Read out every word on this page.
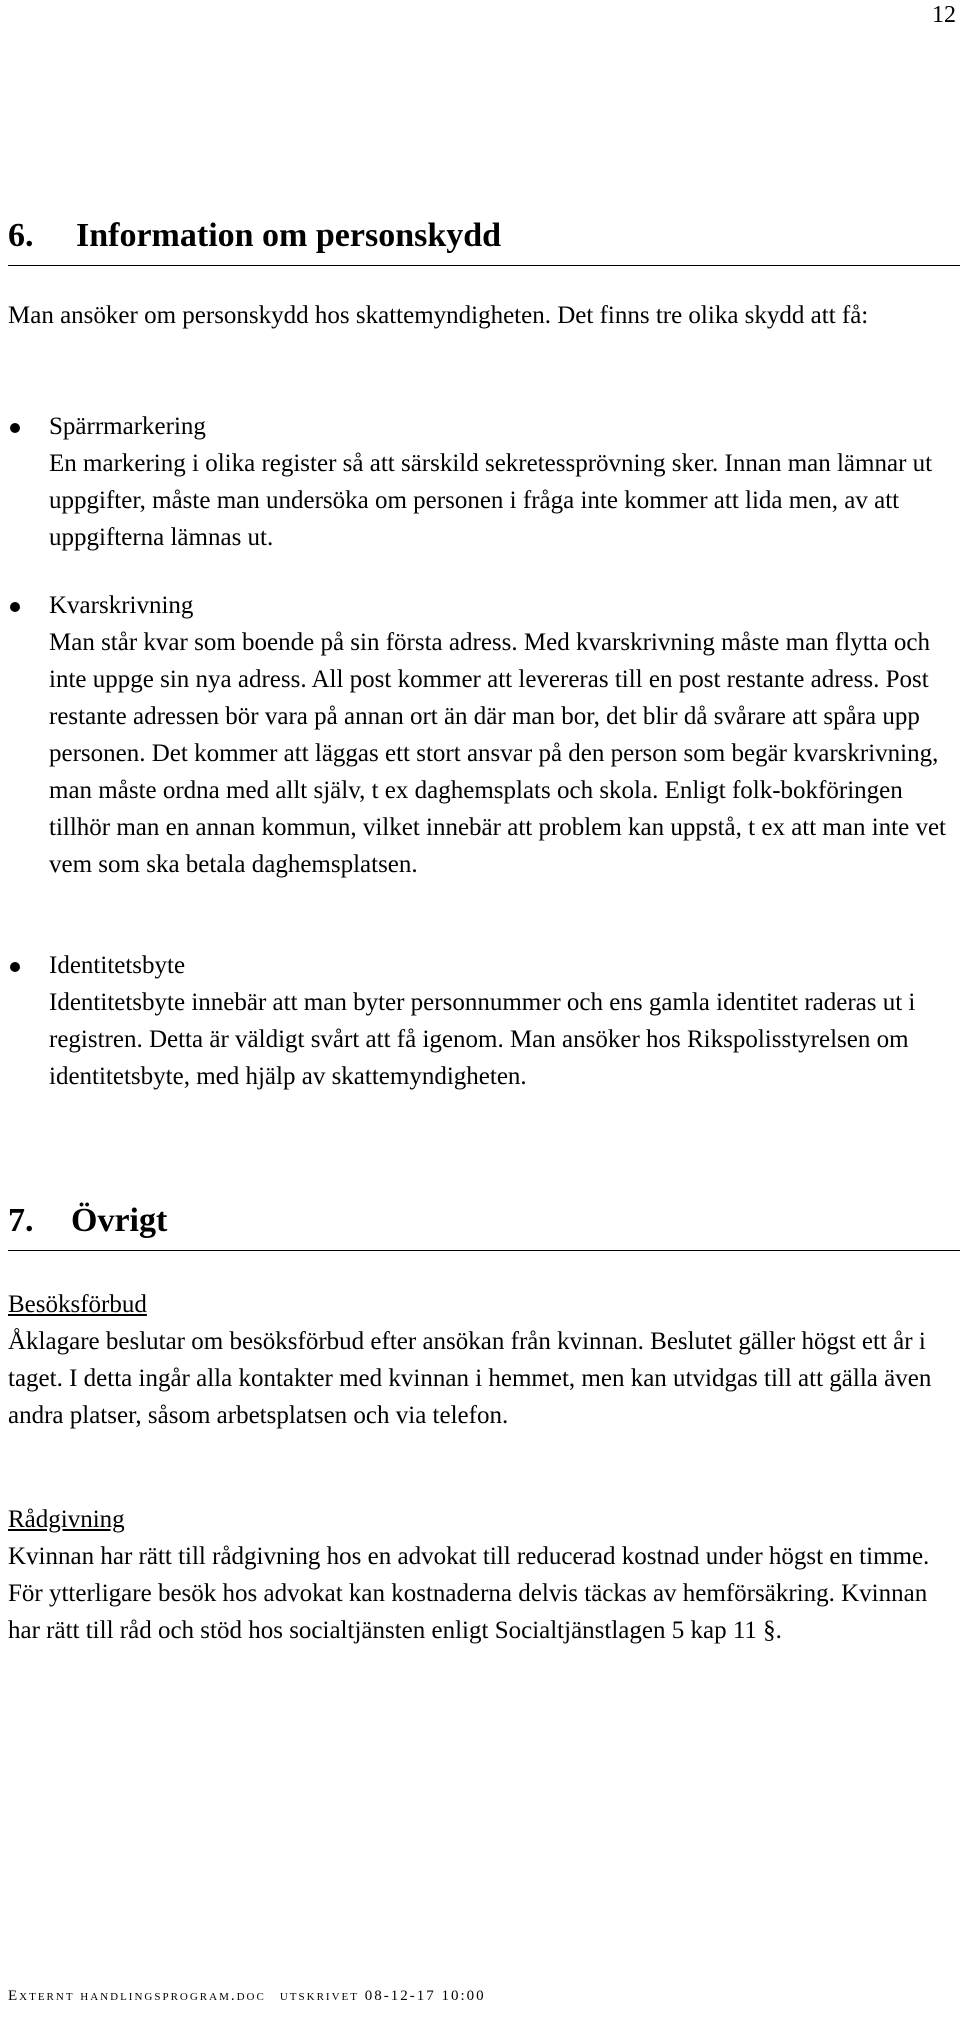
12
6. Information om personskydd

Man ansöker om personskydd hos skattemyndigheten. Det finns tre olika skydd att få:

Spärrmarkering
En markering i olika register så att särskild sekretessprövning sker. Innan man lämnar ut uppgifter, måste man undersöka om personen i fråga inte kommer att lida men, av att uppgifterna lämnas ut.
Kvarskrivning
Man står kvar som boende på sin första adress. Med kvarskrivning måste man flytta och inte uppge sin nya adress. All post kommer att levereras till en post restante adress. Post restante adressen bör vara på annan ort än där man bor, det blir då svårare att spåra upp personen. Det kommer att läggas ett stort ansvar på den person som begär kvarskrivning, man måste ordna med allt själv, t ex daghemsplats och skola. Enligt folk-bokföringen tillhör man en annan kommun, vilket innebär att problem kan uppstå, t ex att man inte vet vem som ska betala daghemsplatsen.
Identitetsbyte
Identitetsbyte innebär att man byter personnummer och ens gamla identitet raderas ut i registren. Detta är väldigt svårt att få igenom. Man ansöker hos Rikspolisstyrelsen om identitetsbyte, med hjälp av skattemyndigheten.
7. Övrigt
Besöksförbud
Åklagare beslutar om besöksförbud efter ansökan från kvinnan. Beslutet gäller högst ett år i taget. I detta ingår alla kontakter med kvinnan i hemmet, men kan utvidgas till att gälla även andra platser, såsom arbetsplatsen och via telefon.
Rådgivning
Kvinnan har rätt till rådgivning hos en advokat till reducerad kostnad under högst en timme. För ytterligare besök hos advokat kan kostnaderna delvis täckas av hemförsäkring. Kvinnan har rätt till råd och stöd hos socialtjänsten enligt Socialtjänstlagen 5 kap 11 §.
Externt handlingsprogram.doc utskrivet 08-12-17 10:00
